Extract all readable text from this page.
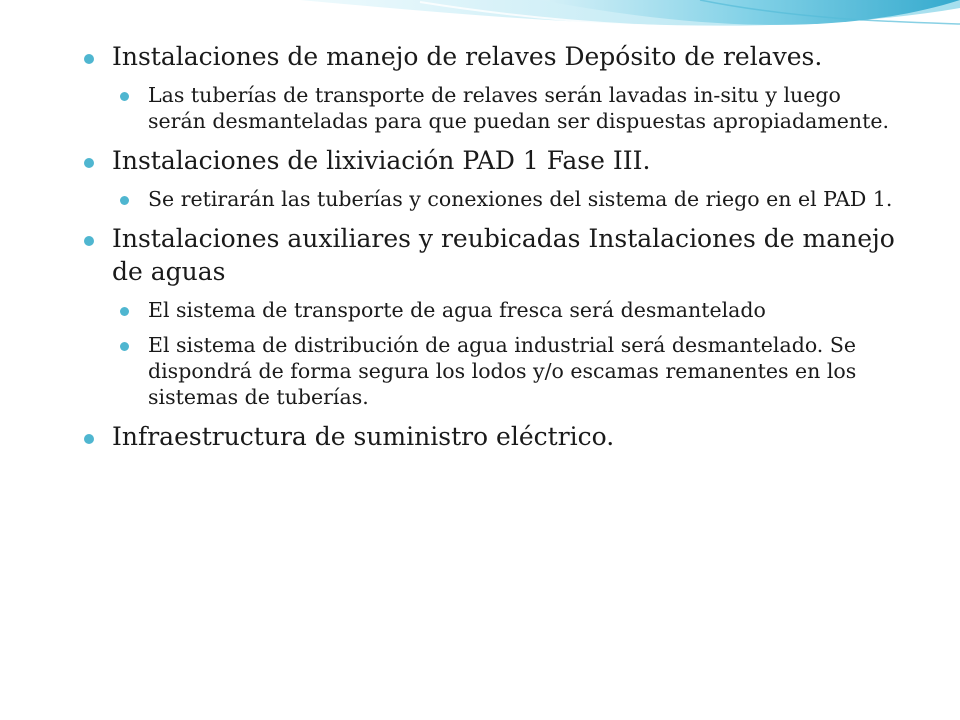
Instalaciones de manejo de relaves Depósito de relaves.
Las tuberías de transporte de relaves serán lavadas in-situ y luego serán desmanteladas para que puedan ser dispuestas apropiadamente.
Instalaciones de lixiviación PAD 1 Fase III.
Se retirarán las tuberías y conexiones del sistema de riego en el PAD 1.
Instalaciones auxiliares y reubicadas Instalaciones de manejo de aguas
El sistema de transporte de agua fresca será desmantelado
El sistema de distribución de agua industrial será desmantelado. Se dispondrá de forma segura los lodos y/o escamas remanentes en los sistemas de tuberías.
Infraestructura de suministro eléctrico.
